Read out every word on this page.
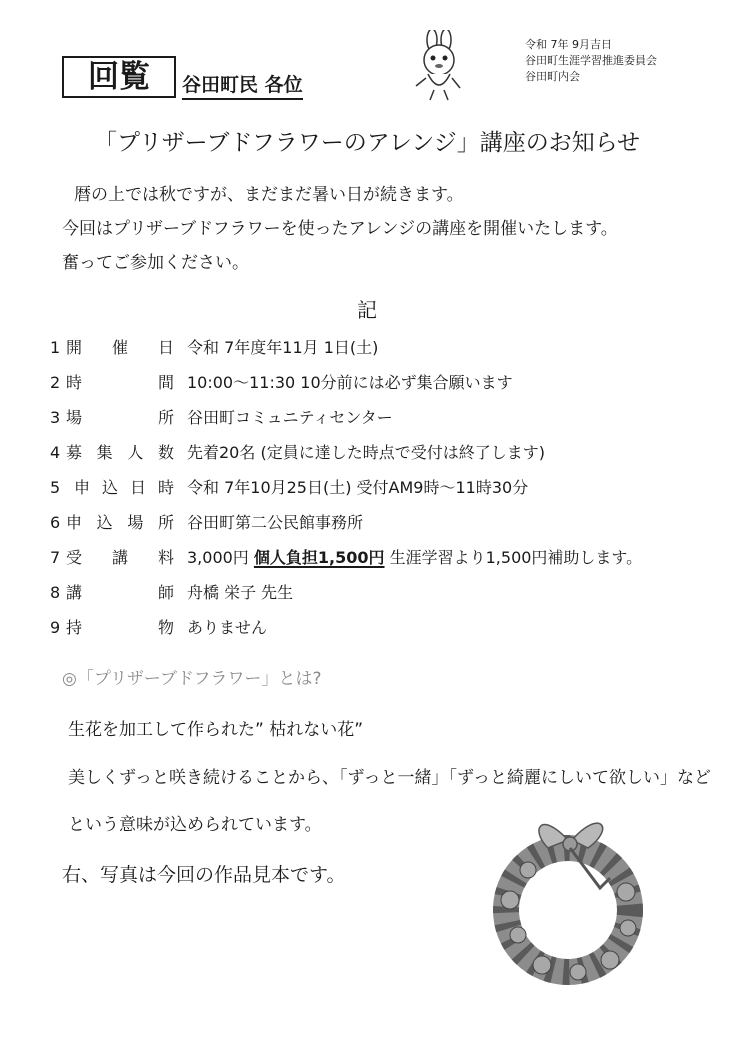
回覧	谷田町民 各位
令和 7年 9月吉日
谷田町生涯学習推進委員会
谷田町内会
「プリザーブドフラワーのアレンジ」講座のお知らせ
暦の上では秋ですが、まだまだ暑い日が続きます。
今回はプリザーブドフラワーを使ったアレンジの講座を開催いたします。
奮ってご参加ください。
記
1 開 催 日 令和 7年度年11月 1日(土)
2 時	間 10:00～11:30 10分前には必ず集合願います
3 場	所 谷田町コミュニティセンター
4 募 集 人 数 先着20名 (定員に達した時点で受付は終了します)
5 申 込 日 時 令和 7年10月25日(土) 受付AM9時～11時30分
6 申 込 場 所 谷田町第二公民館事務所
7 受 講 料 3,000円 個人負担1,500円 生涯学習より1,500円補助します。
8 講	師 舟橋 栄子 先生
9 持	物 ありません
◎「プリザーブドフラワー」とは?
生花を加工して作られた” 枯れない花”
美しくずっと咲き続けることから、「ずっと一緒」「ずっと綺麗にしいて欲しい」など
という意味が込められています。
右、写真は今回の作品見本です。
